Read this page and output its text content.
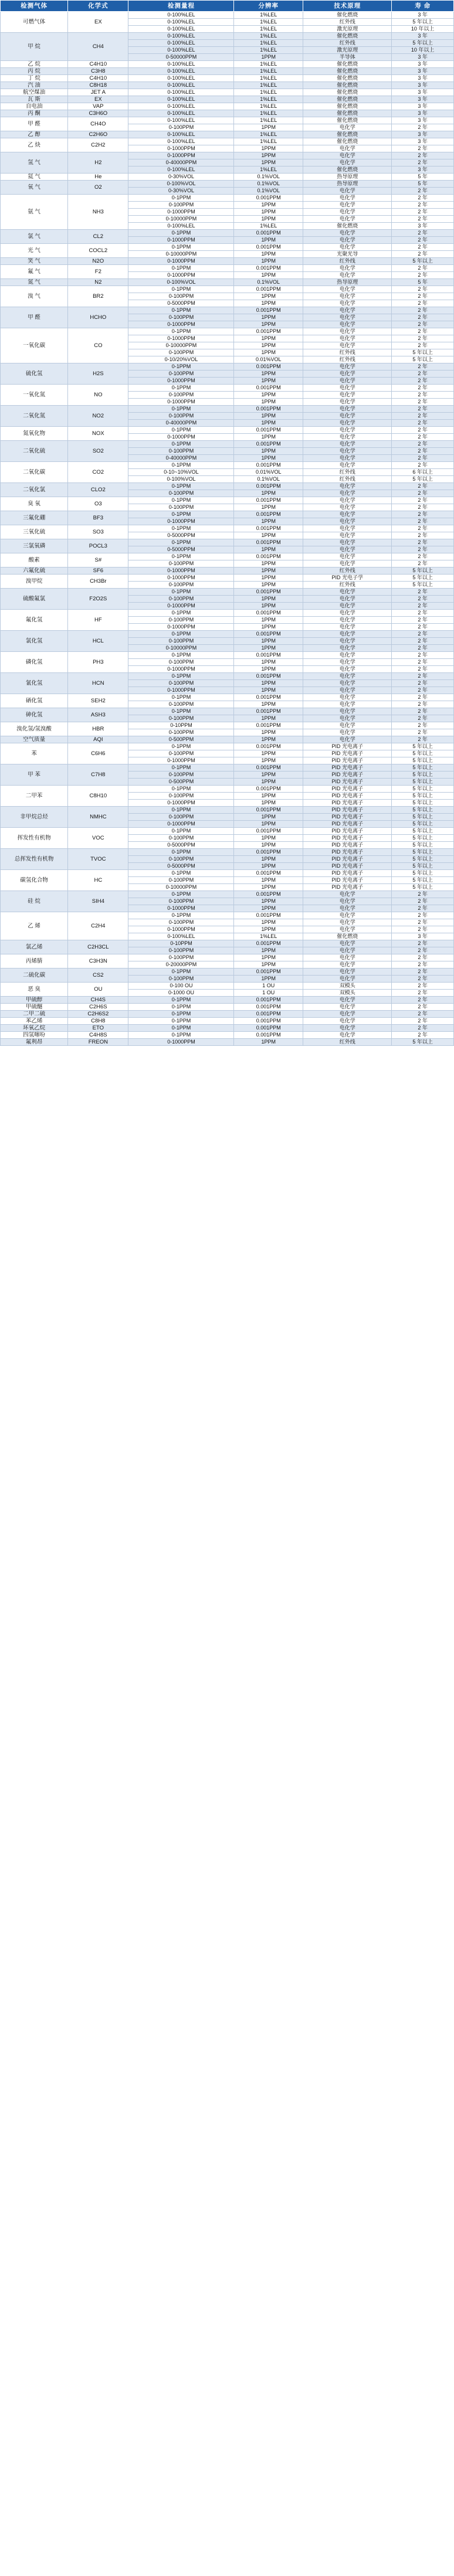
检测气体	化学式	检测量程	分辨率	技术原理	寿 命
可燃气体	EX	0-100%LEL	1%LEL	催化燃烧	3 年
		0-100%LEL	1%LEL	红外线	5 年以上
		0-100%LEL	1%LEL	激光原理	10 年以上
甲 烷	CH4	0-100%LEL	1%LEL	催化燃烧	3 年
		0-100%LEL	1%LEL	红外线	5 年以上
		0-100%LEL	1%LEL	激光原理	10 年以上
		0-50000PPM	1PPM	半导体	3 年
乙 烷	C4H10	0-100%LEL	1%LEL	催化燃烧	3 年
丙 烷	C3H8	0-100%LEL	1%LEL	催化燃烧	3 年
丁 烷	C4H10	0-100%LEL	1%LEL	催化燃烧	3 年
汽 油	C8H18	0-100%LEL	1%LEL	催化燃烧	3 年
航空煤油	JET A	0-100%LEL	1%LEL	催化燃烧	3 年
瓦 斯	EX	0-100%LEL	1%LEL	催化燃烧	3 年
自电油	VAP	0-100%LEL	1%LEL	催化燃烧	3 年
丙 酮	C3H6O	0-100%LEL	1%LEL	催化燃烧	3 年
甲 醛	CH4O	0-100%LEL	1%LEL	催化燃烧	3 年
		0-100PPM	1PPM	电化学	2 年
乙 醇	C2H6O	0-100%LEL	1%LEL	催化燃烧	3 年
乙 炔	C2H2	0-100%LEL	1%LEL	催化燃烧	3 年
		0-1000PPM	1PPM	电化学	2 年
氢 气	H2	0-1000PPM	1PPM	电化学	2 年
		0-40000PPM	1PPM	电化学	2 年
		0-100%LEL	1%LEL	催化燃烧	3 年
氦 气	He	0-30%VOL	0.1%VOL	热导原理	5 年
氧 气	O2	0-100%VOL	0.1%VOL	热导原理	5 年
		0-30%VOL	0.1%VOL	电化学	2 年
氨 气	NH3	0-1PPM	0.001PPM	电化学	2 年
		0-100PPM	1PPM	电化学	2 年
		0-1000PPM	1PPM	电化学	2 年
		0-10000PPM	1PPM	电化学	2 年
		0-100%LEL	1%LEL	催化燃烧	3 年
氯 气	CL2	0-1PPM	0.001PPM	电化学	2 年
		0-1000PPM	1PPM	电化学	2 年
光 气	COCL2	0-1PPM	0.001PPM	电化学	2 年
		0-10000PPM	1PPM	光聚光导	2 年
笑 气	N2O	0-1000PPM	1PPM	红外线	5 年以上
氟 气	F2	0-1PPM	0.001PPM	电化学	2 年
		0-1000PPM	1PPM	电化学	2 年
氮 气	N2	0-100%VOL	0.1%VOL	热导原理	5 年
溴 气	BR2	0-1PPM	0.001PPM	电化学	2 年
		0-100PPM	1PPM	电化学	2 年
		0-5000PPM	1PPM	电化学	2 年
甲 醛	HCHO	0-1PPM	0.001PPM	电化学	2 年
		0-100PPM	1PPM	电化学	2 年
		0-1000PPM	1PPM	电化学	2 年
一氧化碳	CO	0-1PPM	0.001PPM	电化学	2 年
		0-1000PPM	1PPM	电化学	2 年
		0-10000PPM	1PPM	电化学	2 年
		0-100PPM	1PPM	红外线	5 年以上
		0-10/20%VOL	0.01%VOL	红外线	5 年以上
硫化氢	H2S	0-1PPM	0.001PPM	电化学	2 年
		0-100PPM	1PPM	电化学	2 年
		0-1000PPM	1PPM	电化学	2 年
一氧化氮	NO	0-1PPM	0.001PPM	电化学	2 年
		0-100PPM	1PPM	电化学	2 年
		0-1000PPM	1PPM	电化学	2 年
二氧化氮	NO2	0-1PPM	0.001PPM	电化学	2 年
		0-100PPM	1PPM	电化学	2 年
		0-40000PPM	1PPM	电化学	2 年
氮氧化物	NOX	0-1PPM	0.001PPM	电化学	2 年
		0-1000PPM	1PPM	电化学	2 年
二氧化硫	SO2	0-1PPM	0.001PPM	电化学	2 年
		0-100PPM	1PPM	电化学	2 年
		0-40000PPM	1PPM	电化学	2 年
二氧化碳	CO2	0-1PPM	0.001PPM	电化学	2 年
		0-10~10%VOL	0.01%VOL	红外线	6 年以上
		0-100%VOL	0.1%VOL	红外线	5 年以上
二氧化氯	CLO2	0-1PPM	0.001PPM	电化学	2 年
		0-100PPM	1PPM	电化学	2 年
臭 氧	O3	0-1PPM	0.001PPM	电化学	2 年
		0-100PPM	1PPM	电化学	2 年
三氟化硼	BF3	0-1PPM	0.001PPM	电化学	2 年
		0-1000PPM	1PPM	电化学	2 年
三氧化硫	SO3	0-1PPM	0.001PPM	电化学	2 年
		0-5000PPM	1PPM	电化学	2 年
三氯氧磷	POCL3	0-1PPM	0.001PPM	电化学	2 年
		0-5000PPM	1PPM	电化学	2 年
酸素	S#	0-1PPM	0.001PPM	电化学	2 年
		0-100PPM	1PPM	电化学	2 年
六氟化硫	SF6	0-1000PPM	1PPM	红外线	5 年以上
溴甲烷	CH3Br	0-1000PPM	1PPM	PID 光电子学	5 年以上
		0-100PPM	1PPM	红外线	5 年以上
硫酸氟氯	F2O2S	0-1PPM	0.001PPM	电化学	2 年
		0-100PPM	1PPM	电化学	2 年
		0-1000PPM	1PPM	电化学	2 年
氟化氢	HF	0-1PPM	0.001PPM	电化学	2 年
		0-100PPM	1PPM	电化学	2 年
		0-1000PPM	1PPM	电化学	2 年
氯化氢	HCL	0-1PPM	0.001PPM	电化学	2 年
		0-100PPM	1PPM	电化学	2 年
		0-10000PPM	1PPM	电化学	2 年
磷化氢	PH3	0-1PPM	0.001PPM	电化学	2 年
		0-100PPM	1PPM	电化学	2 年
		0-1000PPM	1PPM	电化学	2 年
氰化氢	HCN	0-1PPM	0.001PPM	电化学	2 年
		0-100PPM	1PPM	电化学	2 年
		0-1000PPM	1PPM	电化学	2 年
硒化氢	SEH2	0-1PPM	0.001PPM	电化学	2 年
		0-100PPM	1PPM	电化学	2 年
砷化氢	ASH3	0-1PPM	0.001PPM	电化学	2 年
		0-100PPM	1PPM	电化学	2 年
溴化氢/氢溴酸	HBR	0-10PPM	0.001PPM	电化学	2 年
		0-100PPM	1PPM	电化学	2 年
空气质量	AQI	0-500PPM	1PPM	电化学	2 年
苯	C6H6	0-1PPM	0.001PPM	PID 光电离子	5 年以上
		0-100PPM	1PPM	PID 光电离子	5 年以上
		0-1000PPM	1PPM	PID 光电离子	5 年以上
甲 苯	C7H8	0-1PPM	0.001PPM	PID 光电离子	5 年以上
		0-100PPM	1PPM	PID 光电离子	5 年以上
		0-500PPM	1PPM	PID 光电离子	5 年以上
二甲苯	C8H10	0-1PPM	0.001PPM	PID 光电离子	5 年以上
		0-100PPM	1PPM	PID 光电离子	5 年以上
		0-1000PPM	1PPM	PID 光电离子	5 年以上
非甲烷总烃	NMHC	0-1PPM	0.001PPM	PID 光电离子	5 年以上
		0-100PPM	1PPM	PID 光电离子	5 年以上
		0-1000PPM	1PPM	PID 光电离子	5 年以上
挥发性有机物	VOC	0-1PPM	0.001PPM	PID 光电离子	5 年以上
		0-100PPM	1PPM	PID 光电离子	5 年以上
		0-5000PPM	1PPM	PID 光电离子	5 年以上
总挥发性有机物	TVOC	0-1PPM	0.001PPM	PID 光电离子	5 年以上
		0-100PPM	1PPM	PID 光电离子	5 年以上
		0-5000PPM	1PPM	PID 光电离子	5 年以上
碳氢化合物	HC	0-1PPM	0.001PPM	PID 光电离子	5 年以上
		0-100PPM	1PPM	PID 光电离子	5 年以上
		0-10000PPM	1PPM	PID 光电离子	5 年以上
硅 烷	SIH4	0-1PPM	0.001PPM	电化学	2 年
		0-100PPM	1PPM	电化学	2 年
		0-1000PPM	1PPM	电化学	2 年
乙 烯	C2H4	0-1PPM	0.001PPM	电化学	2 年
		0-100PPM	1PPM	电化学	2 年
		0-1000PPM	1PPM	电化学	2 年
		0-100%LEL	1%LEL	催化燃烧	3 年
氯乙烯	C2H3CL	0-10PPM	0.001PPM	电化学	2 年
		0-100PPM	1PPM	电化学	2 年
丙烯腈	C3H3N	0-100PPM	1PPM	电化学	2 年
		0-20000PPM	1PPM	电化学	2 年
二硫化碳	CS2	0-1PPM	0.001PPM	电化学	2 年
		0-100PPM	1PPM	电化学	2 年
恶 臭	OU	0-100 OU	1 OU	双模头	2 年
		0-1000 OU	1 OU	双模头	2 年
甲硫醇	CH4S	0-1PPM	0.001PPM	电化学	2 年
甲硫醚	C2H6S	0-1PPM	0.001PPM	电化学	2 年
二甲二硫	C2H6S2	0-1PPM	0.001PPM	电化学	2 年
苯乙烯	C8H8	0-1PPM	0.001PPM	电化学	2 年
环氧乙烷	ETO	0-1PPM	0.001PPM	电化学	2 年
四氢噻吩	C4H8S	0-1PPM	0.001PPM	电化学	2 年
氟利昂	FREON	0-1000PPM	1PPM	红外线	5 年以上
